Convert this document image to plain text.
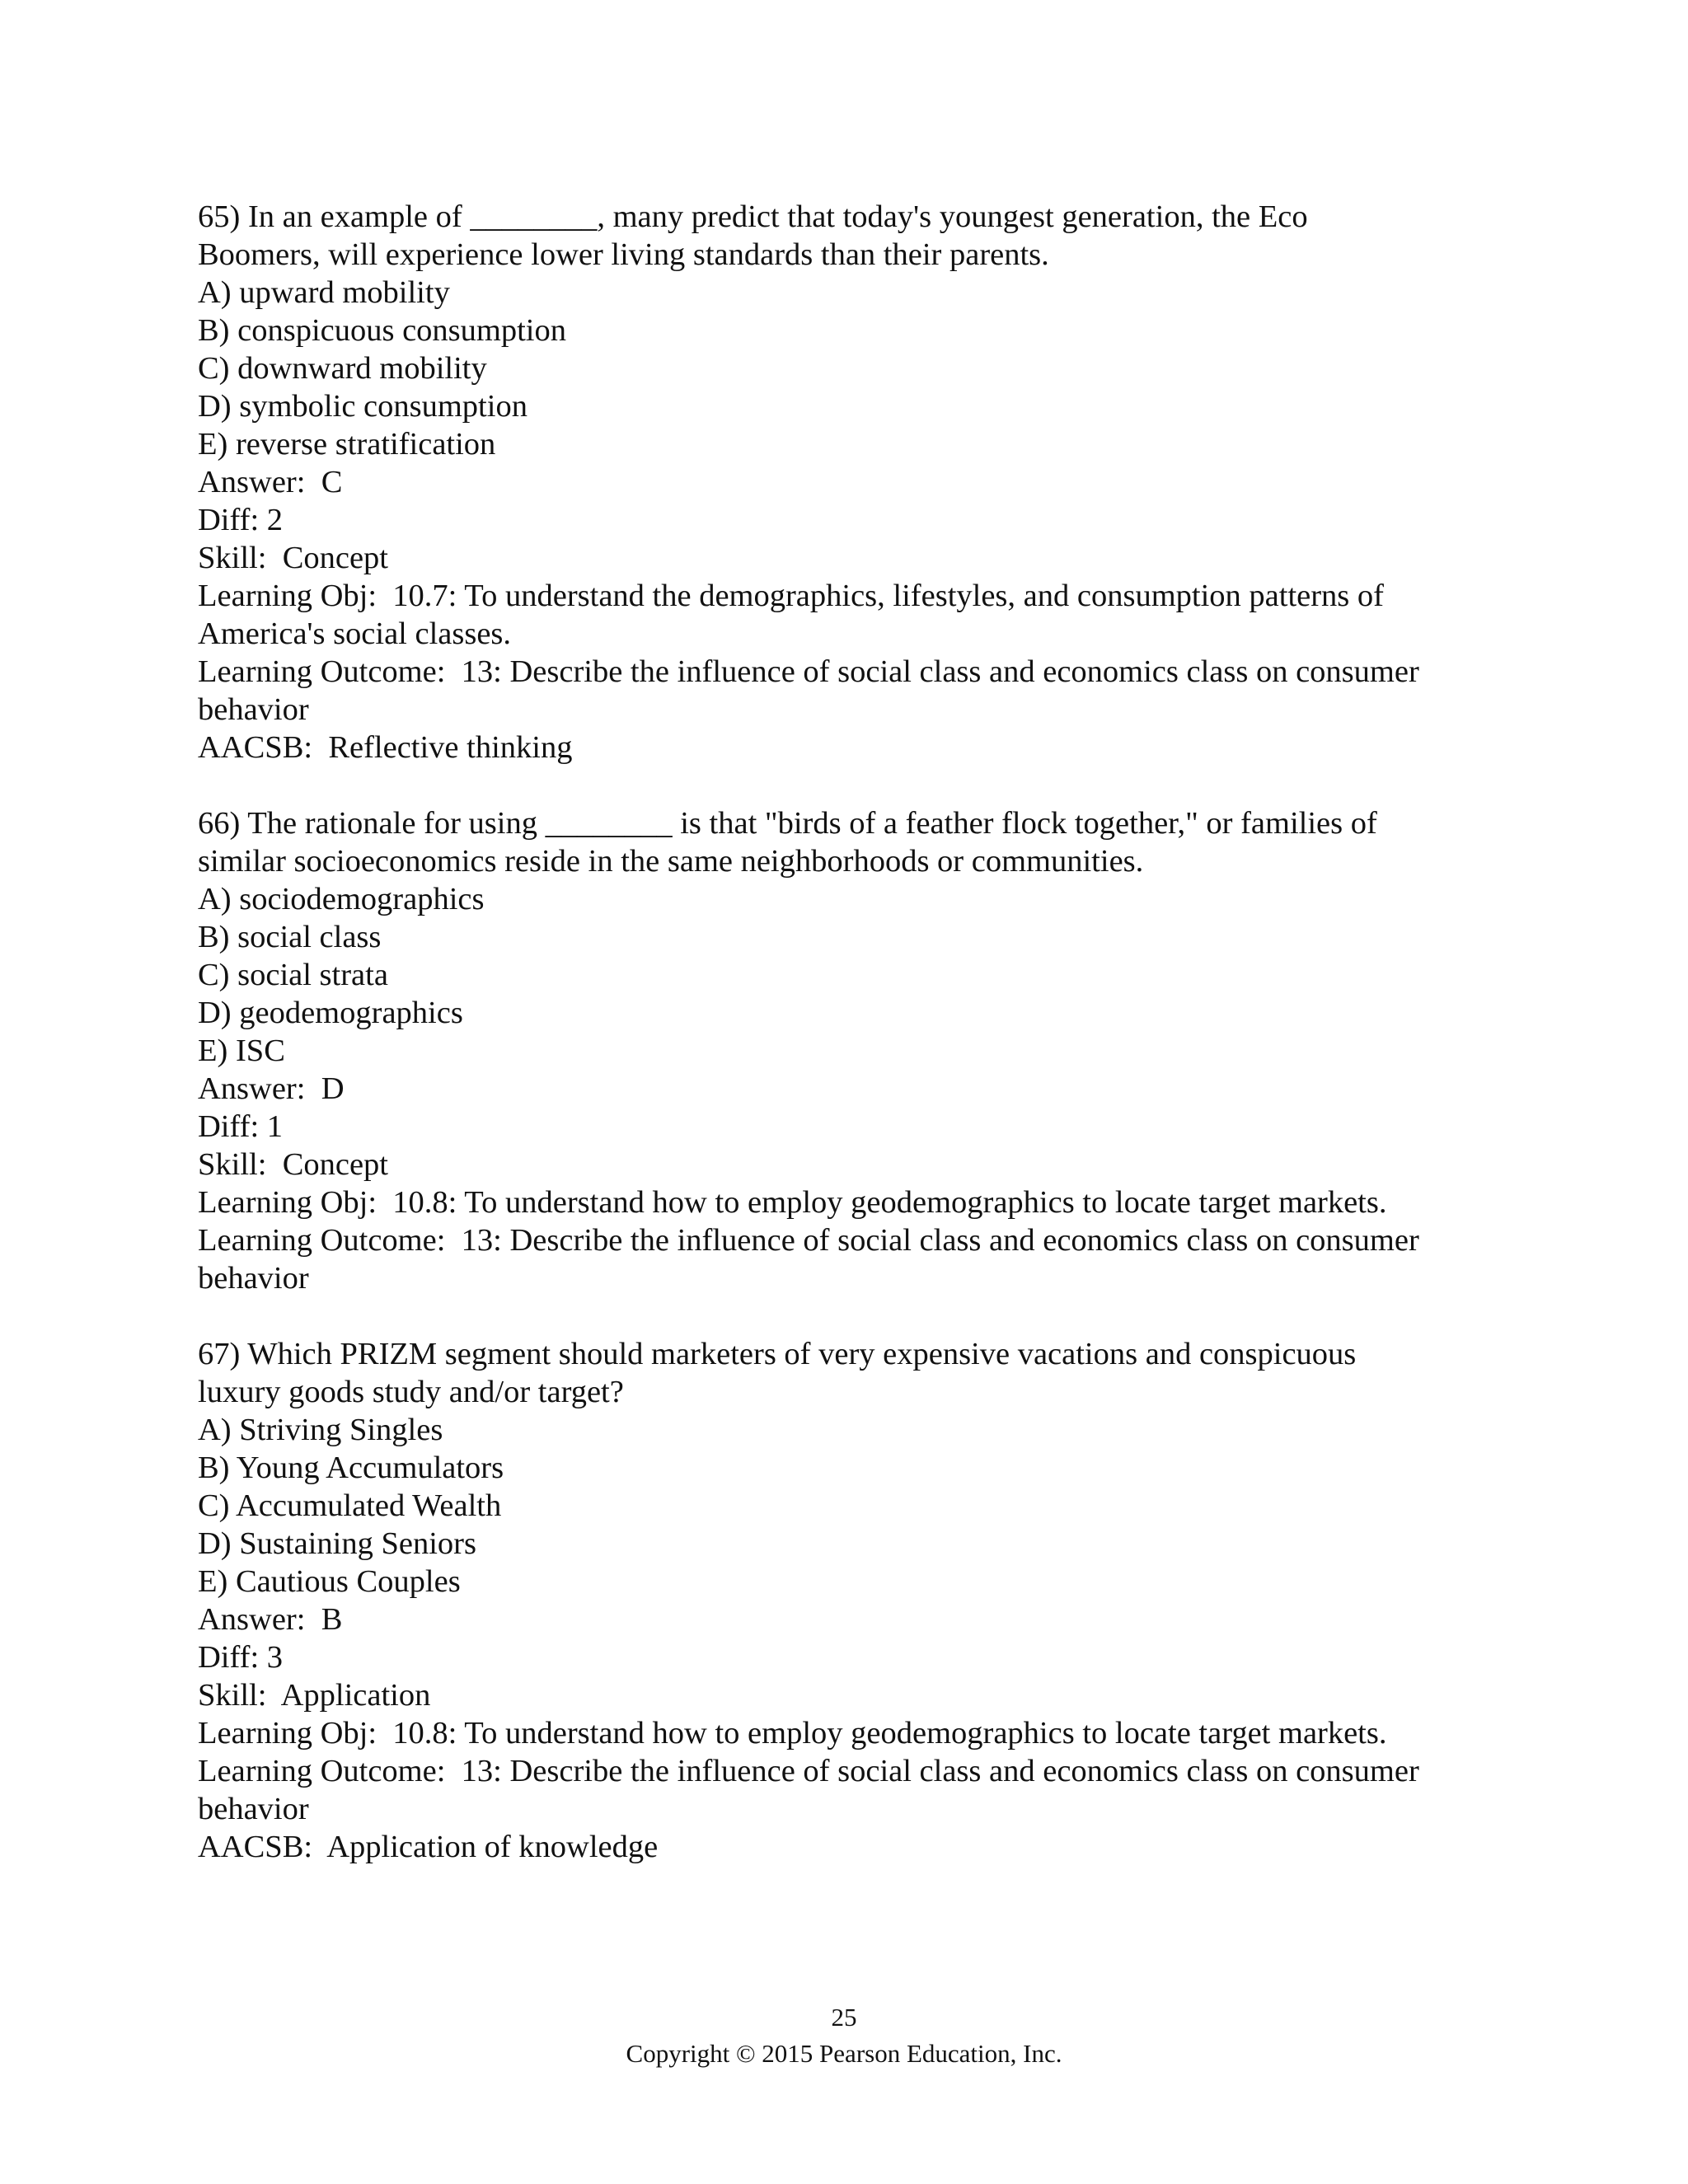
65) In an example of ________, many predict that today's youngest generation, the Eco
Boomers, will experience lower living standards than their parents.
A) upward mobility
B) conspicuous consumption
C) downward mobility
D) symbolic consumption
E) reverse stratification
Answer:  C
Diff: 2
Skill:  Concept
Learning Obj:  10.7: To understand the demographics, lifestyles, and consumption patterns of
America's social classes.
Learning Outcome:  13: Describe the influence of social class and economics class on consumer
behavior
AACSB:  Reflective thinking
66) The rationale for using ________ is that "birds of a feather flock together," or families of
similar socioeconomics reside in the same neighborhoods or communities.
A) sociodemographics
B) social class
C) social strata
D) geodemographics
E) ISC
Answer:  D
Diff: 1
Skill:  Concept
Learning Obj:  10.8: To understand how to employ geodemographics to locate target markets.
Learning Outcome:  13: Describe the influence of social class and economics class on consumer
behavior
67) Which PRIZM segment should marketers of very expensive vacations and conspicuous
luxury goods study and/or target?
A) Striving Singles
B) Young Accumulators
C) Accumulated Wealth
D) Sustaining Seniors
E) Cautious Couples
Answer:  B
Diff: 3
Skill:  Application
Learning Obj:  10.8: To understand how to employ geodemographics to locate target markets.
Learning Outcome:  13: Describe the influence of social class and economics class on consumer
behavior
AACSB:  Application of knowledge
25
Copyright © 2015 Pearson Education, Inc.
